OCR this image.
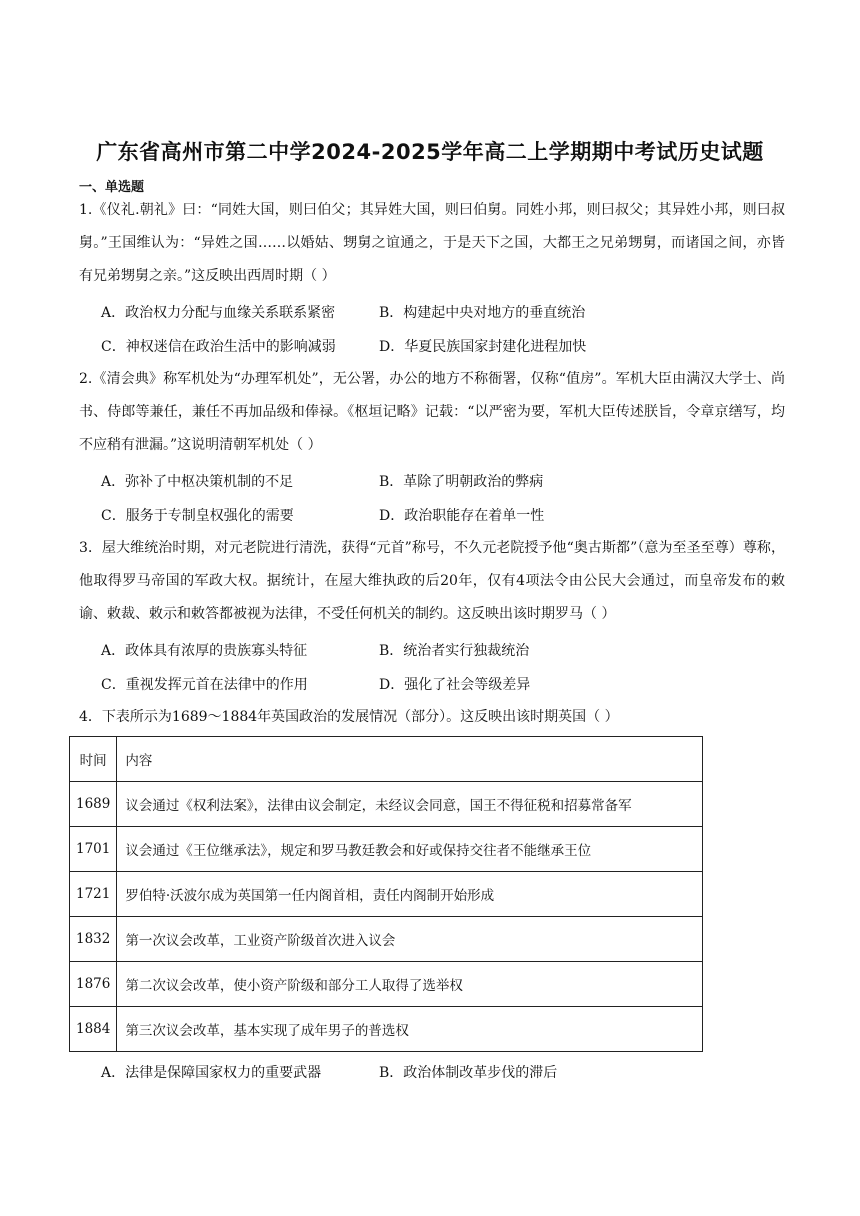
广东省高州市第二中学2024-2025学年高二上学期期中考试历史试题
一、单选题
1.《仪礼.朝礼》曰：“同姓大国，则曰伯父；其异姓大国，则曰伯舅。同姓小邦，则曰叔父；其异姓小邦，则曰叔舅。”王国维认为：“异姓之国……以婚姑、甥舅之谊通之，于是天下之国，大都王之兄弟甥舅，而诸国之间，亦皆有兄弟甥舅之亲。”这反映出西周时期（ ）
A．政治权力分配与血缘关系联系紧密	B．构建起中央对地方的垂直统治
C．神权迷信在政治生活中的影响减弱	D．华夏民族国家封建化进程加快
2.《清会典》称军机处为“办理军机处”，无公署，办公的地方不称衙署，仅称“值房”。军机大臣由满汉大学士、尚书、侍郎等兼任，兼任不再加品级和俸禄。《枢垣记略》记载：“以严密为要，军机大臣传述朕旨，令章京缮写，均不应稍有泄漏。”这说明清朝军机处（ ）
A．弥补了中枢决策机制的不足	B．革除了明朝政治的弊病
C．服务于专制皇权强化的需要	D．政治职能存在着单一性
3．屋大维统治时期，对元老院进行清洗，获得“元首”称号，不久元老院授予他“奥古斯都”（意为至圣至尊）尊称，他取得罗马帝国的军政大权。据统计，在屋大维执政的后20年，仅有4项法令由公民大会通过，而皇帝发布的敕谕、敕裁、敕示和敕答都被视为法律，不受任何机关的制约。这反映出该时期罗马（ ）
A．政体具有浓厚的贵族寡头特征	B．统治者实行独裁统治
C．重视发挥元首在法律中的作用	D．强化了社会等级差异
4．下表所示为1689～1884年英国政治的发展情况（部分）。这反映出该时期英国（ ）
时间	内容
1689	议会通过《权利法案》，法律由议会制定，未经议会同意，国王不得征税和招募常备军
1701	议会通过《王位继承法》，规定和罗马教廷教会和好或保持交往者不能继承王位
1721	罗伯特·沃波尔成为英国第一任内阁首相，责任内阁制开始形成
1832	第一次议会改革，工业资产阶级首次进入议会
1876	第二次议会改革，使小资产阶级和部分工人取得了选举权
1884	第三次议会改革，基本实现了成年男子的普选权
A．法律是保障国家权力的重要武器	B．政治体制改革步伐的滞后
